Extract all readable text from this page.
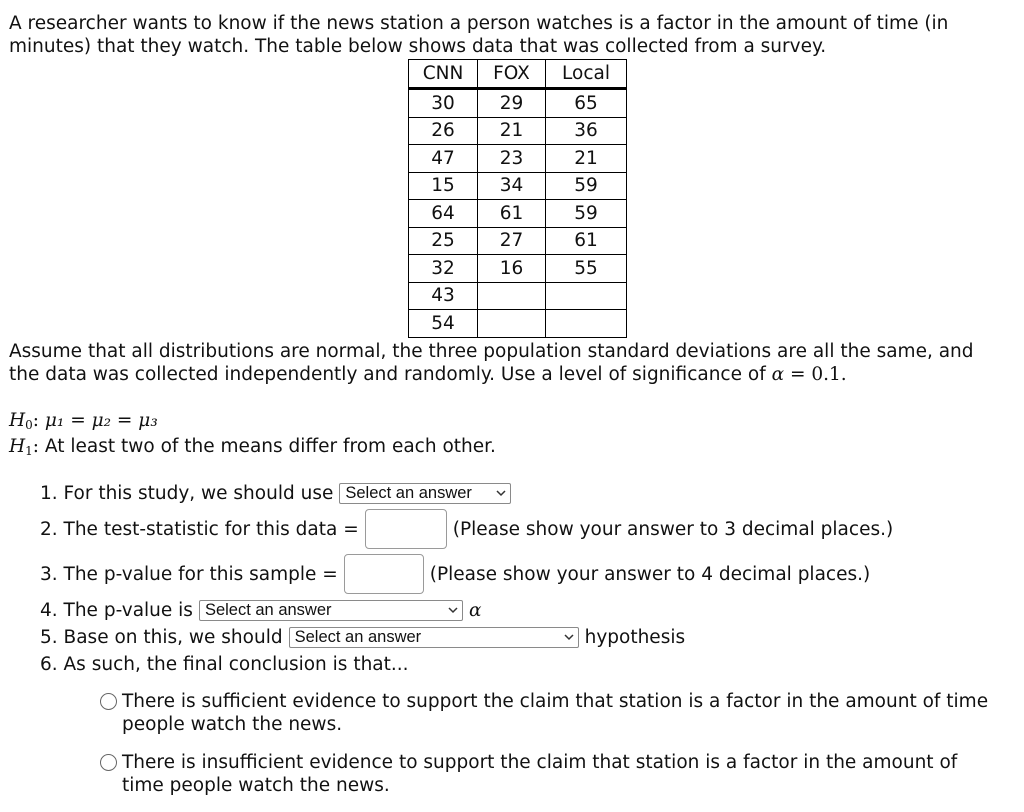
A researcher wants to know if the news station a person watches is a factor in the amount of time (in minutes) that they watch. The table below shows data that was collected from a survey.

CNN	FOX	Local
30	29	65
26	21	36
47	23	21
15	34	59
64	61	59
25	27	61
32	16	55
43		
54		

Assume that all distributions are normal, the three population standard deviations are all the same, and the data was collected independently and randomly. Use a level of significance of α = 0.1.

$H_0$: μ₁ = μ₂ = μ₃
$H_1$: At least two of the means differ from each other.
1. For this study, we should use Select an answer
2. The test-statistic for this data =	(Please show your answer to 3 decimal places.)
3. The p-value for this sample =	(Please show your answer to 4 decimal places.)
4. The p-value is Select an answer	α
5. Base on this, we should Select an answer	hypothesis
6. As such, the final conclusion is that...
There is sufficient evidence to support the claim that station is a factor in the amount of time people watch the news.
There is insufficient evidence to support the claim that station is a factor in the amount of time people watch the news.
